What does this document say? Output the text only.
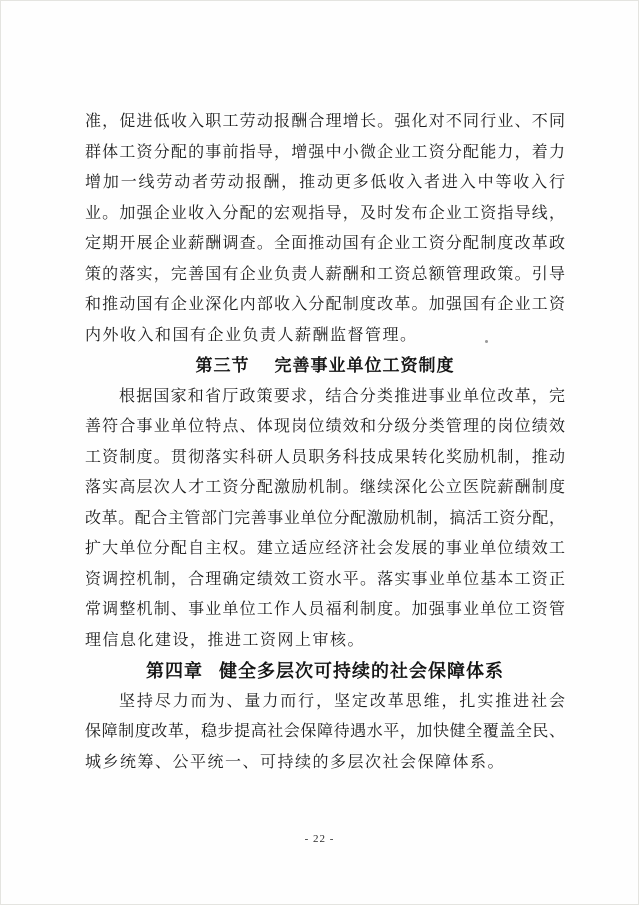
准，促进低收入职工劳动报酬合理增长。强化对不同行业、不同
群体工资分配的事前指导，增强中小微企业工资分配能力，着力
增加一线劳动者劳动报酬，推动更多低收入者进入中等收入行
业。加强企业收入分配的宏观指导，及时发布企业工资指导线，
定期开展企业薪酬调查。全面推动国有企业工资分配制度改革政
策的落实，完善国有企业负责人薪酬和工资总额管理政策。引导
和推动国有企业深化内部收入分配制度改革。加强国有企业工资
内外收入和国有企业负责人薪酬监督管理。
第三节 完善事业单位工资制度
根据国家和省厅政策要求，结合分类推进事业单位改革，完
善符合事业单位特点、体现岗位绩效和分级分类管理的岗位绩效
工资制度。贯彻落实科研人员职务科技成果转化奖励机制，推动
落实高层次人才工资分配激励机制。继续深化公立医院薪酬制度
改革。配合主管部门完善事业单位分配激励机制，搞活工资分配，
扩大单位分配自主权。建立适应经济社会发展的事业单位绩效工
资调控机制，合理确定绩效工资水平。落实事业单位基本工资正
常调整机制、事业单位工作人员福利制度。加强事业单位工资管
理信息化建设，推进工资网上审核。
第四章 健全多层次可持续的社会保障体系
坚持尽力而为、量力而行，坚定改革思维，扎实推进社会
保障制度改革，稳步提高社会保障待遇水平，加快健全覆盖全民、
城乡统筹、公平统一、可持续的多层次社会保障体系。
- 22 -
